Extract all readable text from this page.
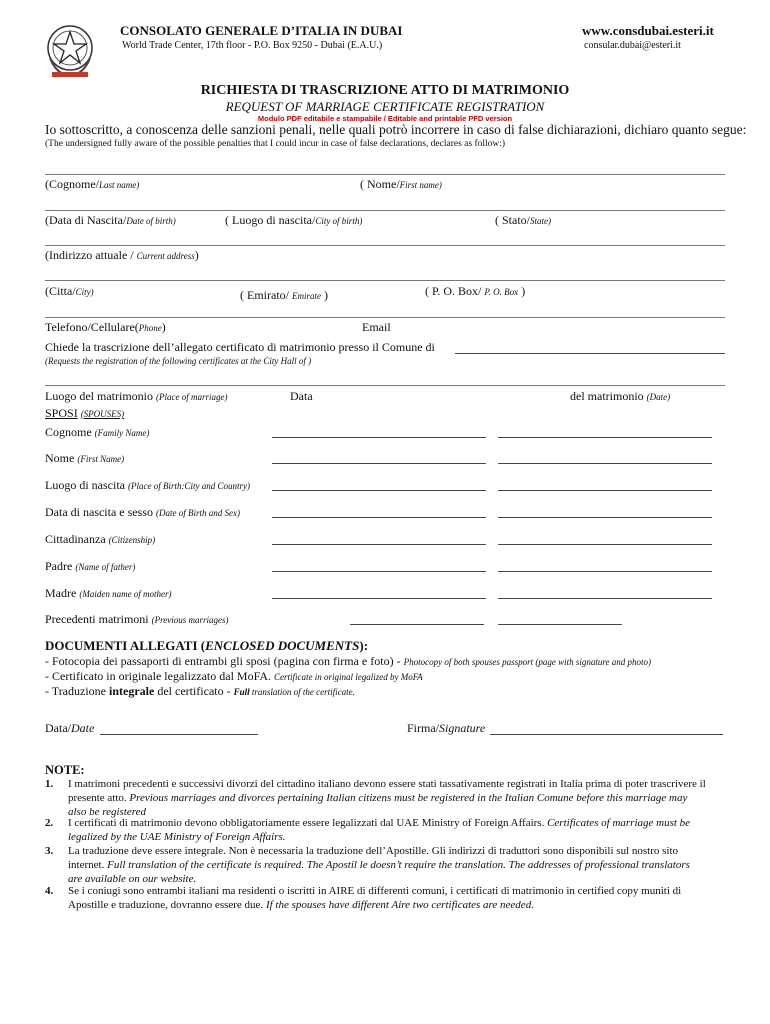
CONSOLATO GENERALE D’ITALIA IN DUBAI
World Trade Center, 17th floor - P.O. Box 9250 - Dubai (E.A.U.)
www.consdubai.esteri.it
consular.dubai@esteri.it
RICHIESTA DI TRASCRIZIONE ATTO DI MATRIMONIO
REQUEST OF MARRIAGE CERTIFICATE REGISTRATION
Modulo PDF editabile e stampabile / Editable and printable PFD version
Io sottoscritto, a conoscenza delle sanzioni penali, nelle quali potrò incorrere in caso di false dichiarazioni, dichiaro quanto segue:
(The undersigned fully aware of the possible penalties that I could incur in case of false declarations, declares as follow:)
(Cognome/Last name)	( Nome/First name)
(Data di Nascita/Date of birth)	( Luogo di nascita/City of birth)	( Stato/State)
(Indirizzo attuale / Current address)
(Citta/City)	( Emirato/ Emirate )	( P. O. Box/ P. O. Box )
Telefono/Cellulare(Phone)	Email
Chiede la trascrizione dell’allegato certificato di matrimonio presso il Comune di
(Requests the registration of the following certificates at the City Hall of )
Luogo del matrimonio (Place of marriage)	Data	del matrimonio (Date)
SPOSI (SPOUSES)
Cognome (Family Name)
Nome (First Name)
Luogo di nascita (Place of Birth:City and Country)
Data di nascita e sesso (Date of Birth and Sex)
Cittadinanza (Citizenship)
Padre (Name of father)
Madre (Maiden name of mother)
Precedenti matrimoni (Previous marriages)
DOCUMENTI ALLEGATI (ENCLOSED DOCUMENTS):
- Fotocopia dei passaporti di entrambi gli sposi (pagina con firma e foto) - Photocopy of both spouses passport (page with signature and photo)
- Certificato in originale legalizzato dal MoFA. Certificate in original legalized by MoFA
- Traduzione integrale del certificato - Full translation of the certificate.
Data/Date	Firma/Signature
NOTE:
1. I matrimoni precedenti e successivi divorzi del cittadino italiano devono essere stati tassativamente registrati in Italia prima di poter trascrivere il
presente atto. Previous marriages and divorces pertaining Italian citizens must be registered in the Italian Comune before this marriage may
also be registered
2. I certificati di matrimonio devono obbligatoriamente essere legalizzati dal UAE Ministry of Foreign Affairs. Certificates of marriage must be
legalized by the UAE Ministry of Foreign Affairs.
3. La traduzione deve essere integrale. Non è necessaria la traduzione dell’Apostille. Gli indirizzi di traduttori sono disponibili sul nostro sito
internet. Full translation of the certificate is required. The Apostil le doesn’t require the translation. The addresses of professional translators
are available on our website.
4. Se i coniugi sono entrambi italiani ma residenti o iscritti in AIRE di differenti comuni, i certificati di matrimonio in certified copy muniti di
Apostille e traduzione, dovranno essere due. If the spouses have different Aire two certificates are needed.
